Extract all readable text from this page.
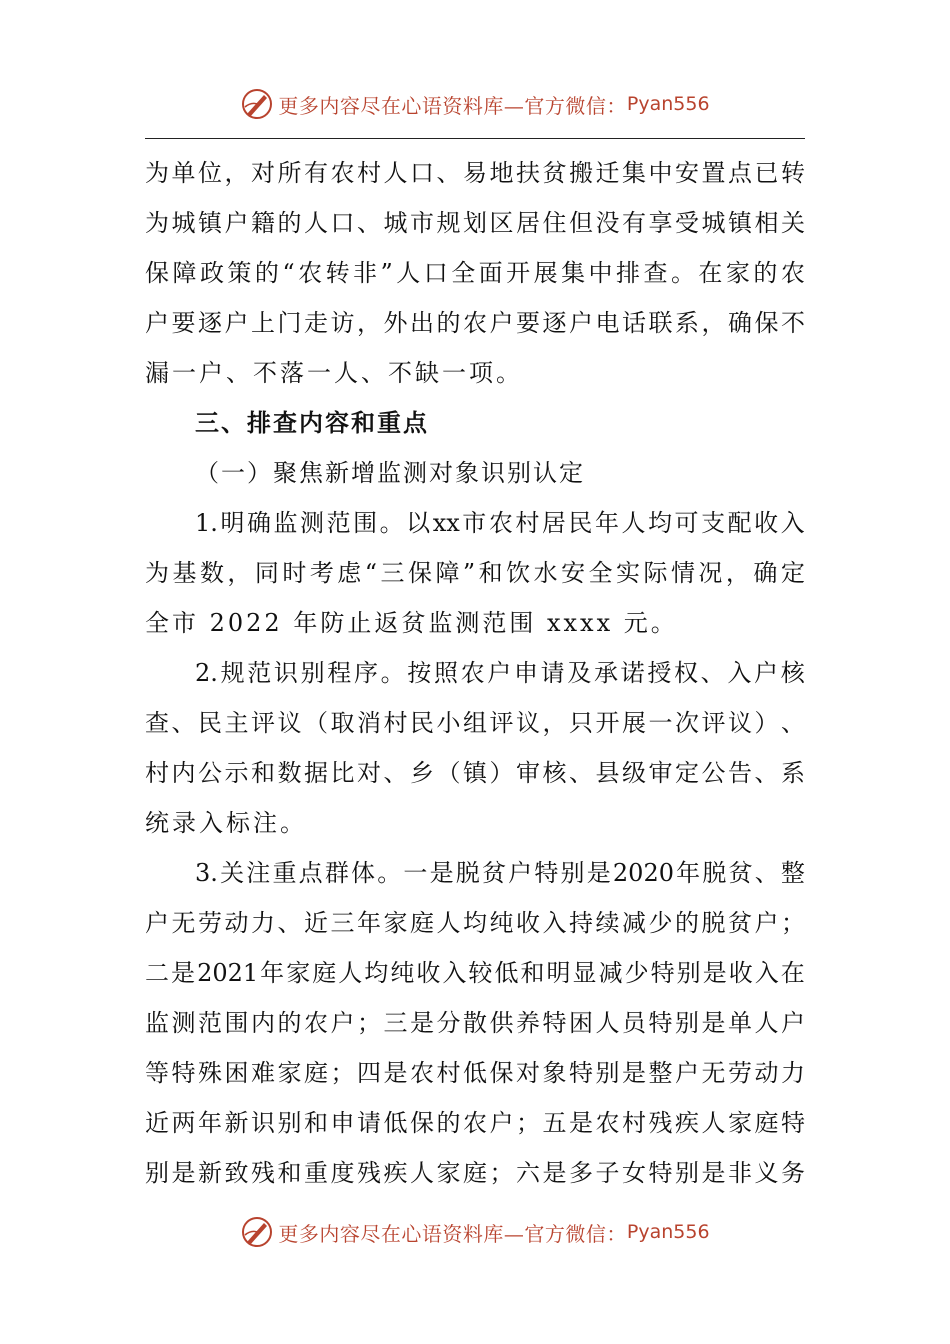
更多内容尽在心语资料库—官方微信： Pyan556
为 单 位 ， 对 所 有 农 村 人 口 、 易 地 扶 贫 搬 迁 集 中 安 置 点 已 转
为 城 镇 户 籍 的 人 口 、 城 市 规 划 区 居 住 但 没 有 享 受 城 镇 相 关
保 障 政 策 的 “ 农 转 非 ” 人 口 全 面 开 展 集 中 排 查 。 在 家 的 农
户 要 逐 户 上 门 走 访 ， 外 出 的 农 户 要 逐 户 电 话 联 系 ， 确 保 不
漏一户、不落一人、不缺一项。
三、排查内容和重点
（一）聚焦新增监测对象识别认定
1. 明 确 监 测 范 围 。 以 xx 市 农 村 居 民 年 人 均 可 支 配 收 入
为 基 数 ， 同 时 考 虑 “ 三 保 障 ” 和 饮 水 安 全 实 际 情 况 ， 确 定
全市 2022 年防止返贫监测范围 xxxx 元。
2. 规 范 识 别 程 序 。 按 照 农 户 申 请 及 承 诺 授 权 、 入 户 核
查 、 民 主 评 议 （ 取 消 村 民 小 组 评 议 ， 只 开 展 一 次 评 议 ） 、
村 内 公 示 和 数 据 比 对 、 乡 （ 镇 ） 审 核 、 县 级 审 定 公 告 、 系
统录入标注。
3. 关 注 重 点 群 体 。 一 是 脱 贫 户 特 别 是 2020 年 脱 贫 、 整
户 无 劳 动 力 、 近 三 年 家 庭 人 均 纯 收 入 持 续 减 少 的 脱 贫 户 ；
二 是 2021 年 家 庭 人 均 纯 收 入 较 低 和 明 显 减 少 特 别 是 收 入 在
监 测 范 围 内 的 农 户 ； 三 是 分 散 供 养 特 困 人 员 特 别 是 单 人 户
等 特 殊 困 难 家 庭 ； 四 是 农 村 低 保 对 象 特 别 是 整 户 无 劳 动 力
近 两 年 新 识 别 和 申 请 低 保 的 农 户 ； 五 是 农 村 残 疾 人 家 庭 特
别 是 新 致 残 和 重 度 残 疾 人 家 庭 ； 六 是 多 子 女 特 别 是 非 义 务
更多内容尽在心语资料库—官方微信： Pyan556
